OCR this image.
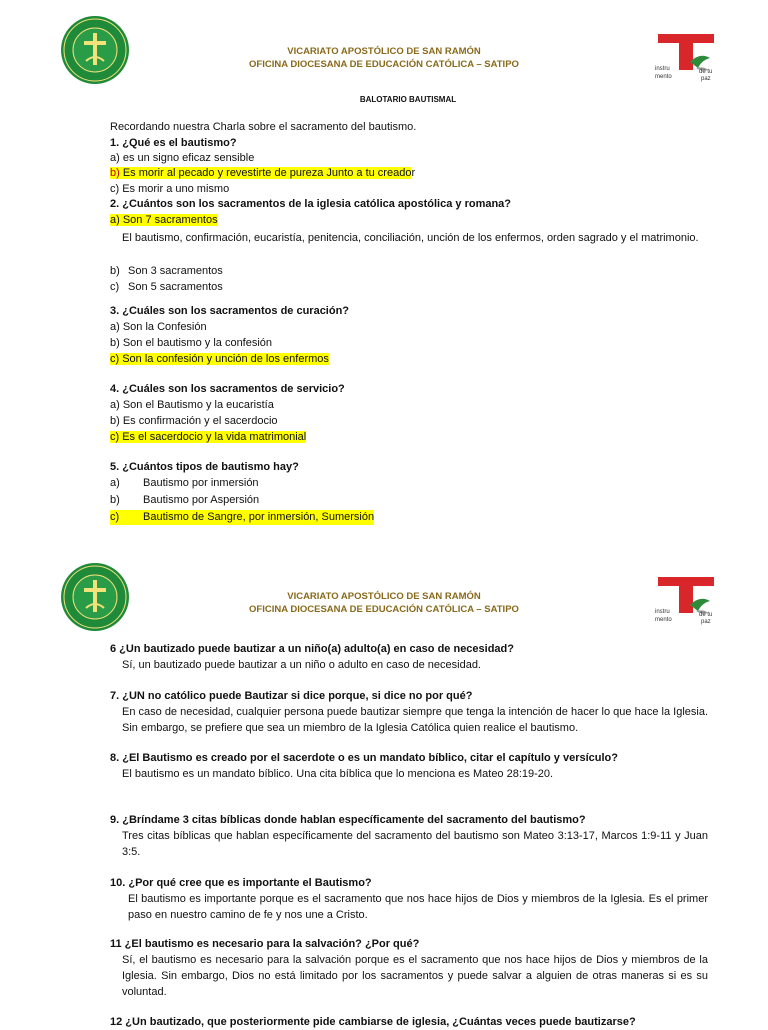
instru
mento
de tu
paz
VICARIATO APOSTÓLICO DE SAN RAMÓN
OFICINA DIOCESANA DE EDUCACIÓN CATÓLICA – SATIPO
BALOTARIO BAUTISMAL
Recordando nuestra Charla sobre el sacramento del bautismo.
1. ¿Qué es el bautismo?
a) es un signo eficaz sensible
b) Es morir al pecado y revestirte de pureza Junto a tu creador
c) Es morir a uno mismo
2. ¿Cuántos son los sacramentos de la iglesia católica apostólica y romana?
a) Son 7 sacramentos
El bautismo, confirmación, eucaristía, penitencia, conciliación, unción de los enfermos, orden sagrado y el matrimonio.
b) Son 3 sacramentos
c) Son 5 sacramentos
3. ¿Cuáles son los sacramentos de curación?
a) Son la Confesión
b) Son el bautismo y la confesión
c) Son la confesión y unción de los enfermos
4. ¿Cuáles son los sacramentos de servicio?
a) Son el Bautismo y la eucaristía
b) Es confirmación y el sacerdocio
c) Es el sacerdocio y la vida matrimonial
5. ¿Cuántos tipos de bautismo hay?
a) Bautismo por inmersión
b) Bautismo por Aspersión
c) Bautismo de Sangre, por inmersión, Sumersión
instru
mento
de tu
paz
VICARIATO APOSTÓLICO DE SAN RAMÓN
OFICINA DIOCESANA DE EDUCACIÓN CATÓLICA – SATIPO
6 ¿Un bautizado puede bautizar a un niño(a) adulto(a) en caso de necesidad?
Sí, un bautizado puede bautizar a un niño o adulto en caso de necesidad.
7. ¿UN no católico puede Bautizar si dice porque, si dice no por qué?
En caso de necesidad, cualquier persona puede bautizar siempre que tenga la intención de hacer lo que hace la Iglesia. Sin embargo, se prefiere que sea un miembro de la Iglesia Católica quien realice el bautismo.
8. ¿El Bautismo es creado por el sacerdote o es un mandato bíblico, citar el capítulo y versículo?
El bautismo es un mandato bíblico. Una cita bíblica que lo menciona es Mateo 28:19-20.
9. ¿Bríndame 3 citas bíblicas donde hablan específicamente del sacramento del bautismo?
Tres citas bíblicas que hablan específicamente del sacramento del bautismo son Mateo 3:13-17, Marcos 1:9-11 y Juan 3:5.
10. ¿Por qué cree que es importante el Bautismo?
El bautismo es importante porque es el sacramento que nos hace hijos de Dios y miembros de la Iglesia. Es el primer paso en nuestro camino de fe y nos une a Cristo.
11 ¿El bautismo es necesario para la salvación? ¿Por qué?
Sí, el bautismo es necesario para la salvación porque es el sacramento que nos hace hijos de Dios y miembros de la Iglesia. Sin embargo, Dios no está limitado por los sacramentos y puede salvar a alguien de otras maneras si es su voluntad.
12 ¿Un bautizado, que posteriormente pide cambiarse de iglesia, ¿Cuántas veces puede bautizarse?
